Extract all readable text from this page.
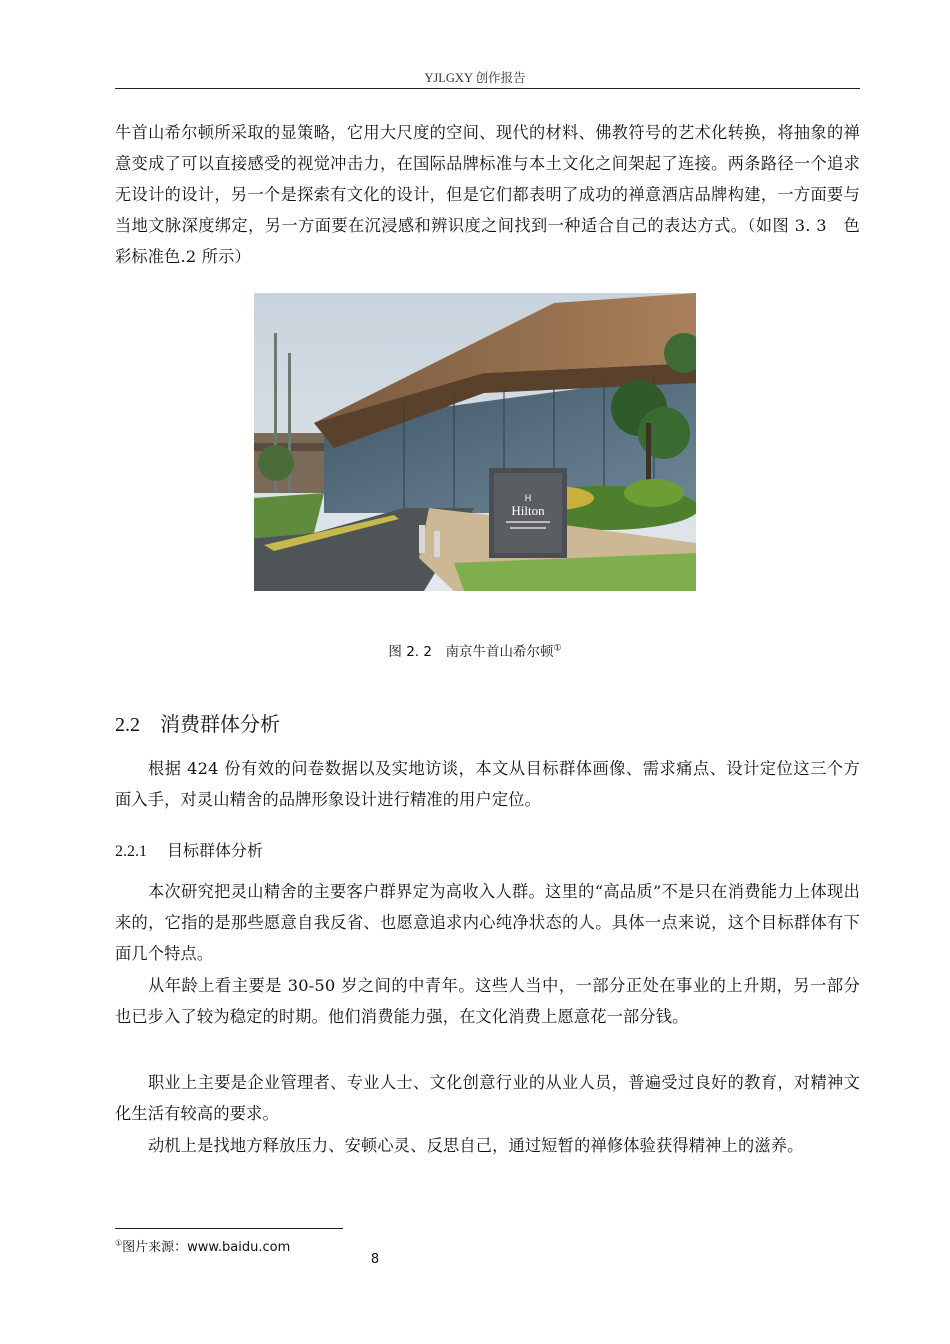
YJLGXY 创作报告

牛首山希尔顿所采取的显策略，它用大尺度的空间、现代的材料、佛教符号的艺术化转换，将抽象的禅意变成了可以直接感受的视觉冲击力，在国际品牌标准与本土文化之间架起了连接。两条路径一个追求无设计的设计，另一个是探索有文化的设计，但是它们都表明了成功的禅意酒店品牌构建，一方面要与当地文脉深度绑定，另一方面要在沉浸感和辨识度之间找到一种适合自己的表达方式。（如图 3. 3　色彩标准色.2 所示）

H
Hilton
图 2. 2　南京牛首山希尔顿①
2.2 消费群体分析

根据 424 份有效的问卷数据以及实地访谈，本文从目标群体画像、需求痛点、设计定位这三个方面入手，对灵山精舍的品牌形象设计进行精准的用户定位。

2.2.1 目标群体分析

本次研究把灵山精舍的主要客户群界定为高收入人群。这里的“高品质”不是只在消费能力上体现出来的，它指的是那些愿意自我反省、也愿意追求内心纯净状态的人。具体一点来说，这个目标群体有下面几个特点。

从年龄上看主要是 30-50 岁之间的中青年。这些人当中，一部分正处在事业的上升期，另一部分也已步入了较为稳定的时期。他们消费能力强，在文化消费上愿意花一部分钱。

职业上主要是企业管理者、专业人士、文化创意行业的从业人员，普遍受过良好的教育，对精神文化生活有较高的要求。

动机上是找地方释放压力、安顿心灵、反思自己，通过短暂的禅修体验获得精神上的滋养。

①图片来源：www.baidu.com
8
